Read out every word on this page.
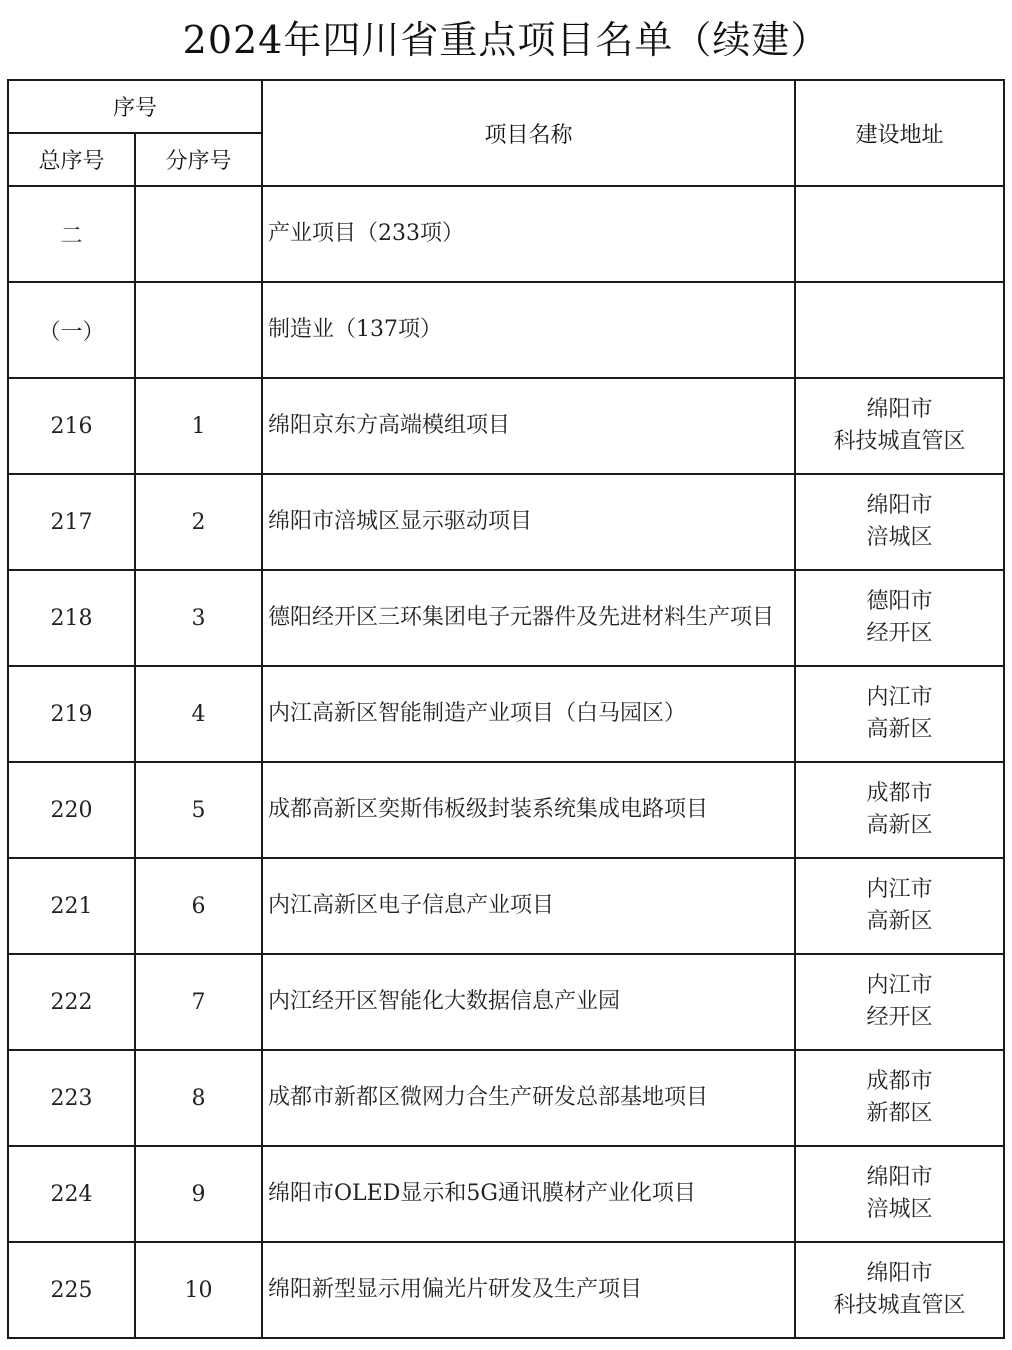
2024年四川省重点项目名单（续建）
序号		项目名称	建设地址
总序号	分序号		
二		产业项目（233项）	

（一）		制造业（137项）	

216	1	绵阳京东方高端模组项目	绵阳市
科技城直管区

217	2	绵阳市涪城区显示驱动项目	绵阳市
涪城区

218	3	德阳经开区三环集团电子元器件及先进材料生产项目	德阳市
经开区

219	4	内江高新区智能制造产业项目（白马园区）	内江市
高新区

220	5	成都高新区奕斯伟板级封装系统集成电路项目	成都市
高新区

221	6	内江高新区电子信息产业项目	内江市
高新区

222	7	内江经开区智能化大数据信息产业园	内江市
经开区

223	8	成都市新都区微网力合生产研发总部基地项目	成都市
新都区

224	9	绵阳市OLED显示和5G通讯膜材产业化项目	绵阳市
涪城区

225	10	绵阳新型显示用偏光片研发及生产项目	绵阳市
科技城直管区
